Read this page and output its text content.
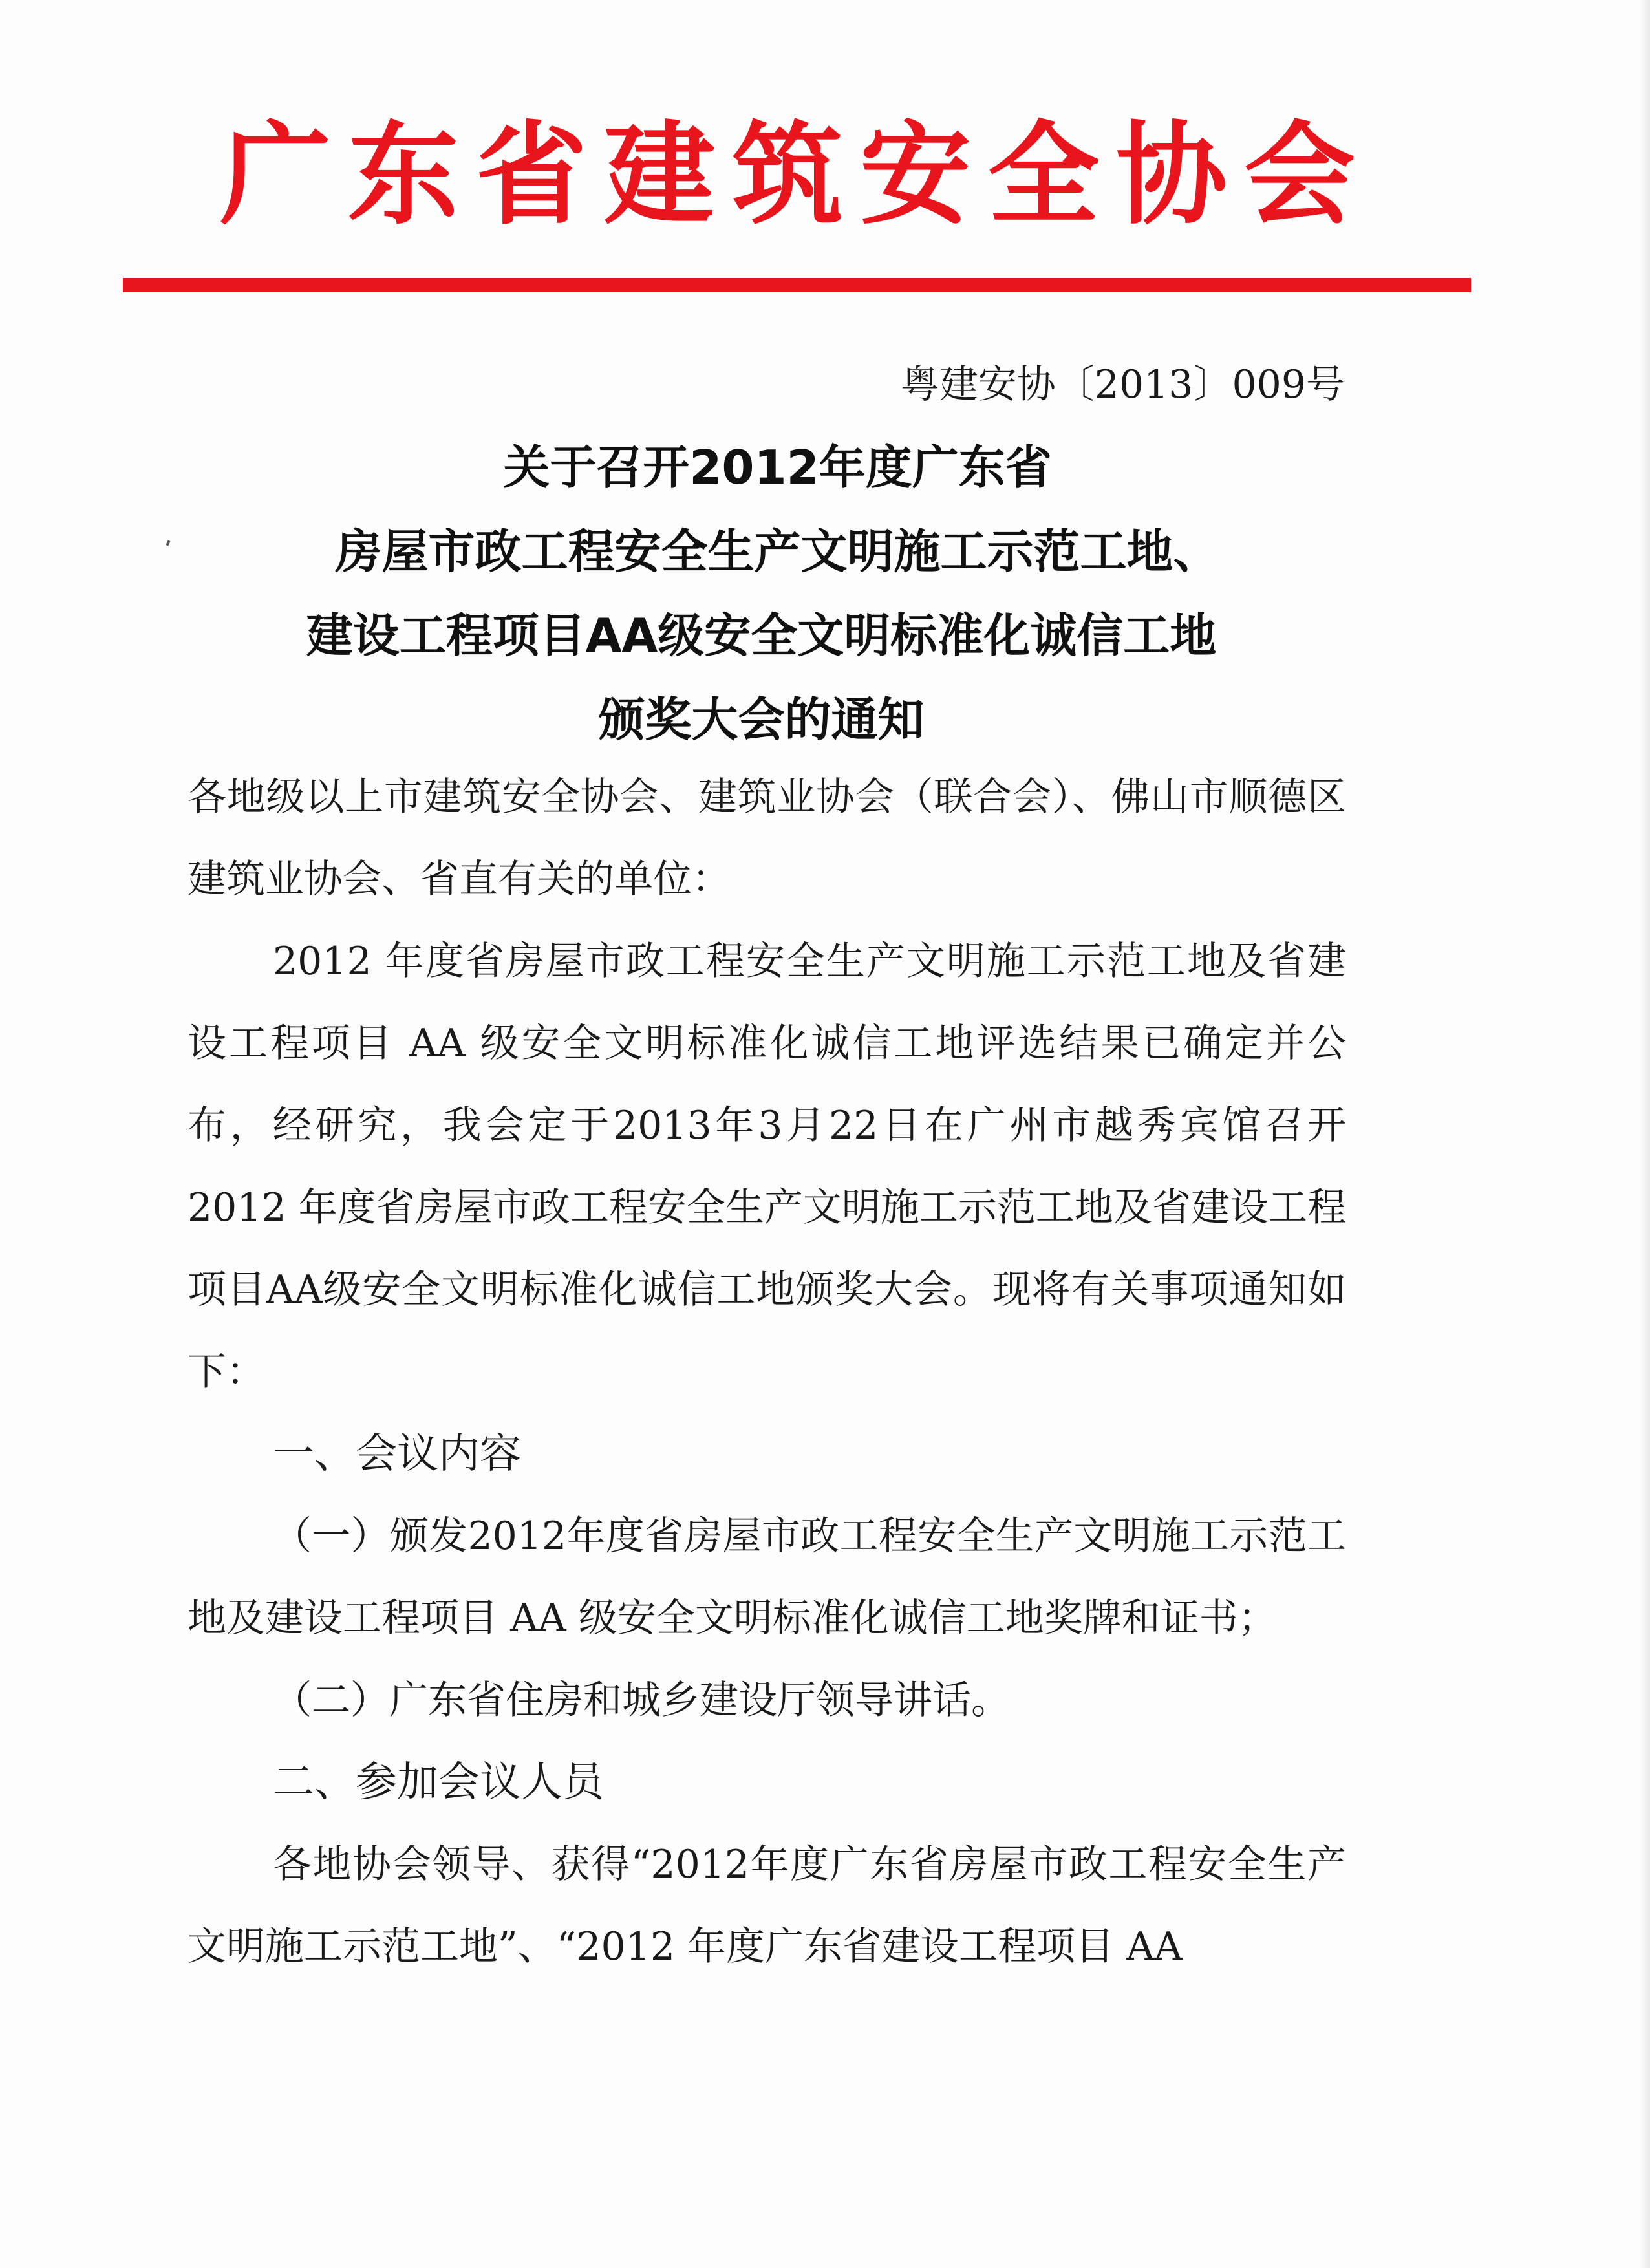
广东省建筑安全协会
粤建安协〔2013〕009号
关于召开2012年度广东省
房屋市政工程安全生产文明施工示范工地、
建设工程项目AA级安全文明标准化诚信工地
颁奖大会的通知

各地级以上市建筑安全协会、建筑业协会（联合会）、佛山市顺德区建筑业协会、省直有关的单位：

2012 年度省房屋市政工程安全生产文明施工示范工地及省建设工程项目 AA 级安全文明标准化诚信工地评选结果已确定并公布，经研究，我会定于2013年3月22日在广州市越秀宾馆召开 2012 年度省房屋市政工程安全生产文明施工示范工地及省建设工程项目AA级安全文明标准化诚信工地颁奖大会。现将有关事项通知如下：

一、会议内容

（一）颁发2012年度省房屋市政工程安全生产文明施工示范工地及建设工程项目 AA 级安全文明标准化诚信工地奖牌和证书；

（二）广东省住房和城乡建设厅领导讲话。

二、参加会议人员

各地协会领导、获得“2012年度广东省房屋市政工程安全生产文明施工示范工地”、“2012 年度广东省建设工程项目 AA
